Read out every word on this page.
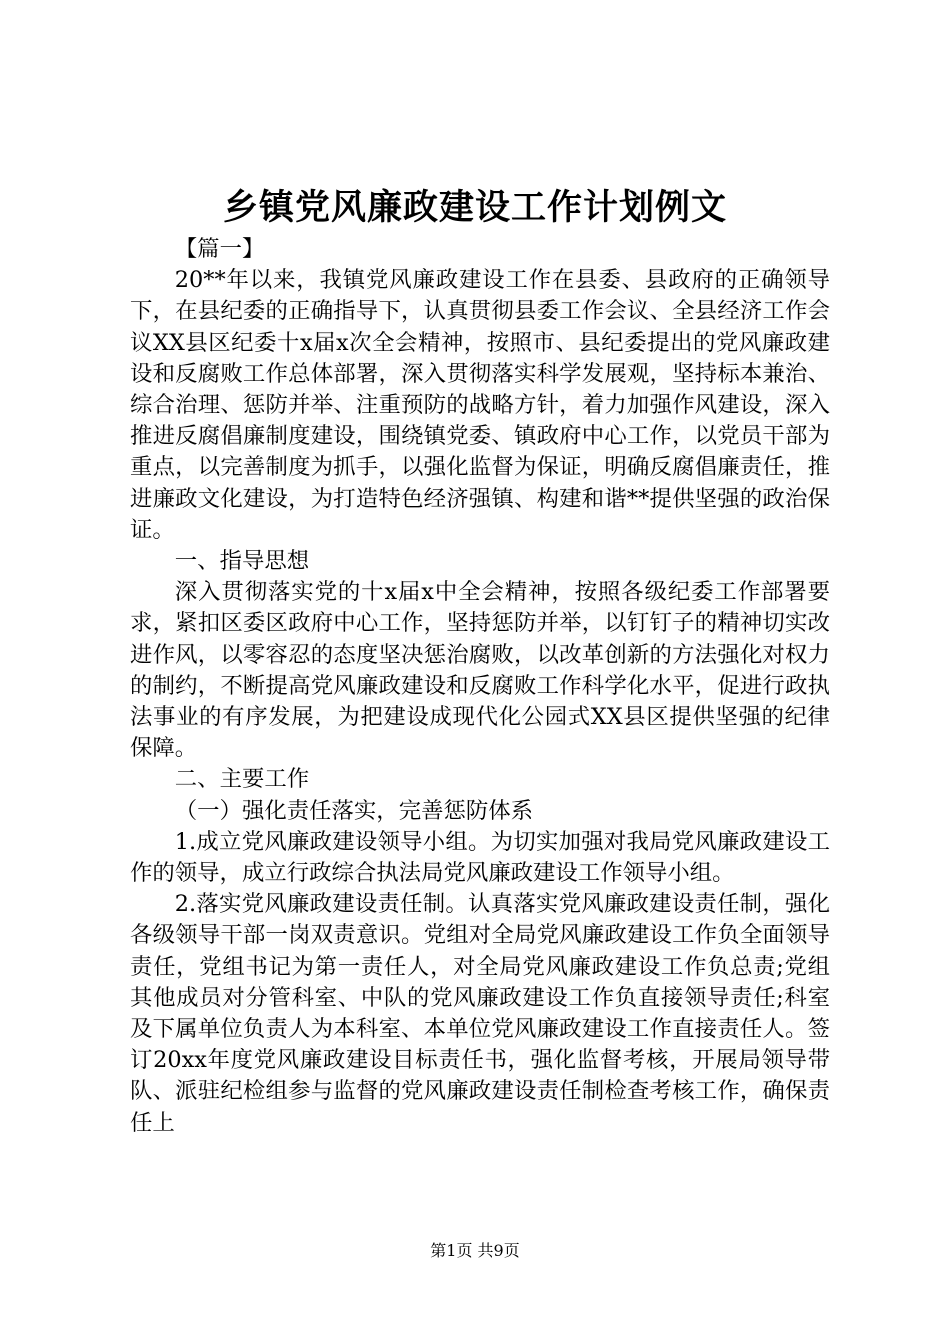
乡镇党风廉政建设工作计划例文

【篇一】

20**年以来，我镇党风廉政建设工作在县委、县政府的正确领导下，在县纪委的正确指导下，认真贯彻县委工作会议、全县经济工作会议XX县区纪委十x届x次全会精神，按照市、县纪委提出的党风廉政建设和反腐败工作总体部署，深入贯彻落实科学发展观，坚持标本兼治、综合治理、惩防并举、注重预防的战略方针，着力加强作风建设，深入推进反腐倡廉制度建设，围绕镇党委、镇政府中心工作，以党员干部为重点，以完善制度为抓手，以强化监督为保证，明确反腐倡廉责任，推进廉政文化建设，为打造特色经济强镇、构建和谐**提供坚强的政治保证。

一、指导思想

深入贯彻落实党的十x届x中全会精神，按照各级纪委工作部署要求，紧扣区委区政府中心工作，坚持惩防并举，以钉钉子的精神切实改进作风，以零容忍的态度坚决惩治腐败，以改革创新的方法强化对权力的制约，不断提高党风廉政建设和反腐败工作科学化水平，促进行政执法事业的有序发展，为把建设成现代化公园式XX县区提供坚强的纪律保障。

二、主要工作

（一）强化责任落实，完善惩防体系

1.成立党风廉政建设领导小组。为切实加强对我局党风廉政建设工作的领导，成立行政综合执法局党风廉政建设工作领导小组。

2.落实党风廉政建设责任制。认真落实党风廉政建设责任制，强化各级领导干部一岗双责意识。党组对全局党风廉政建设工作负全面领导责任，党组书记为第一责任人，对全局党风廉政建设工作负总责;党组其他成员对分管科室、中队的党风廉政建设工作负直接领导责任;科室及下属单位负责人为本科室、本单位党风廉政建设工作直接责任人。签订20xx年度党风廉政建设目标责任书，强化监督考核，开展局领导带队、派驻纪检组参与监督的党风廉政建设责任制检查考核工作，确保责任上

第1页 共9页
